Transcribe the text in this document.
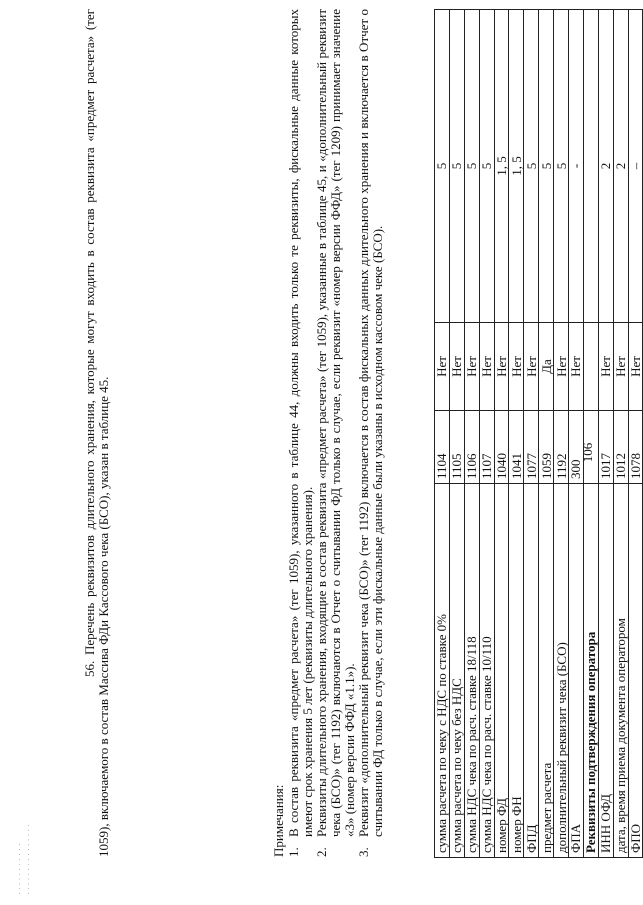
· · · · · · · · · · · · · · · · · · · · · · · · · ·
106
сумма расчета по чеку с НДС по ставке 0%	1104	Нет	5
сумма расчета по чеку без НДС	1105	Нет	5
сумма НДС чека по расч. ставке 18/118	1106	Нет	5
сумма НДС чека по расч. ставке 10/110	1107	Нет	5
номер ФД	1040	Нет	1, 5
номер ФН	1041	Нет	1, 5
ФПД	1077	Нет	5
предмет расчета	1059	Да	5
дополнительный реквизит чека (БСО)	1192	Нет	5
ФПА	300	Нет	-
Реквизиты подтверждения оператора			
ИНН ОФД	1017	Нет	2
дата, время приема документа оператором	1012	Нет	2
ФПО	1078	Нет	–
Примечания: 1.
В состав реквизита «предмет расчета» (тег 1059), указанного в таблице 44, должны входить только те реквизиты, фискальные данные которых имеют срок хранения 5 лет (реквизиты длительного хранения).
2.
Реквизиты длительного хранения, входящие в состав реквизита «предмет расчета» (тег 1059), указанные в таблице 45, и «дополнительный реквизит чека (БСО)» (тег 1192) включаются в Отчет о считывании ФД только в случае, если реквизит «номер версии ФФД» (тег 1209) принимает значение «3» (номер версии ФФД «1.1»).
3.
Реквизит «дополнительный реквизит чека (БСО)» (тег 1192) включается в состав фискальных данных длительного хранения и включается в Отчет о считывании ФД только в случае, если эти фискальные данные были указаны в исходном кассовом чеке (БСО).
56. Перечень реквизитов длительного хранения, которые могут входить в состав реквизита «предмет расчета» (тег 1059), включаемого в состав Массива ФДи Кассового чека (БСО), указан в таблице 45.
